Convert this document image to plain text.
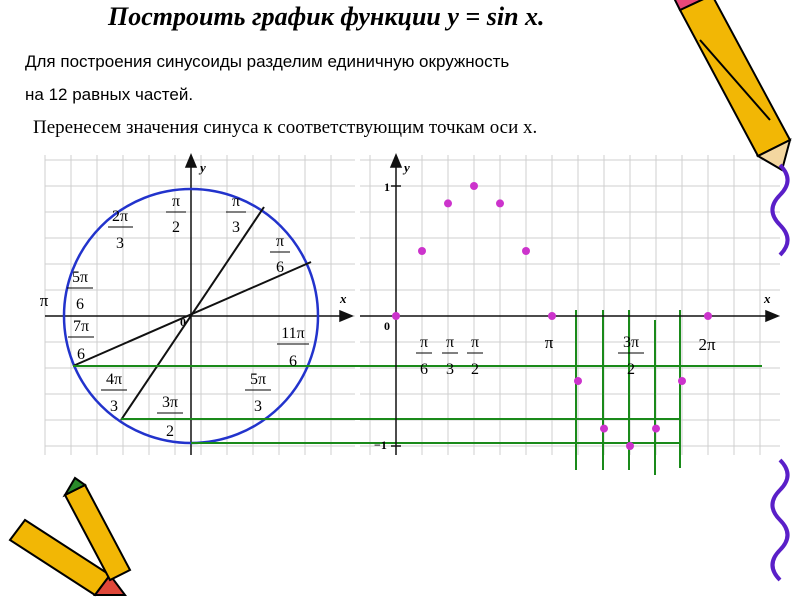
x
y
0
π
6
π
3
π
2
2π
3
5π
6
π
7π
6
4π
3	3π
2
5π
3
11π
6
x
y
0
1
−1
π
6
π
3
π
2
π	3π
2
2π
Построить график функции y = sin x.
Для построения синусоиды разделим единичную окружность
на 12 равных частей.
Перенесем значения синуса к соответствующим точкам оси х.
